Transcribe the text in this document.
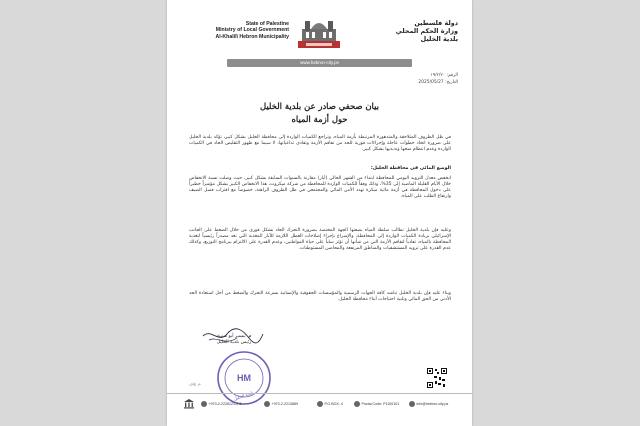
State of Palestine
Ministry of Local Government
Al-Khalil\ Hebron Municipality
دولة فلسطين
وزارة الحكم المحلي
بلدية الخليل
www.hebron-city.ps
الرقم: ١٩/٢/٢٠
التاريخ: 2025/05/27
بيان صحفي صادر عن بلدية الخليل
حول أزمة المياه
في ظل الظروف المتلاحقة والمتدهورة المرتبطة بأزمة المياه، وتراجع الكميات الواردة إلى محافظة الخليل بشكل كبير، تؤكد بلدية الخليل على ضرورة اتخاذ خطوات عاجلة وإجراءات فورية للحد من تفاقم الأزمة وتفادي تداعياتها، لا سيما مع ظهور التقليص الحاد في الكميات الواردة وعدم انتظام ضخها وتذبذبها بشكل كبير.
الوضع المائي في محافظة الخليل:
انخفض معدل التزويد اليومي للمحافظة ابتداء من الشهر الحالي (أيار) مقارنة بالسنوات السابقة بشكل كبير، حيث وصلت نسبة الانخفاض خلال الأيام القليلة الماضية إلى 35%، وذلك وفقاً للكميات الواردة للمحافظة من شركة ميكروت، هذا الانخفاض الكبير يشكل مؤشراً خطيراً على دخول المحافظة في أزمة مائية مبكرة تهدد الأمن المائي والمجتمعي في ظل الظروف الراهنة، خصوصاً مع اقتراب فصل الصيف وارتفاع الطلب على المياه.
وعليه فإن بلدية الخليل تطالب سلطة المياه بصفتها الجهة المختصة بضرورة التحرك الجاد بشكل فوري من خلال الضغط على الجانب الإسرائيلي بزيادة الكميات الواردة إلى المحافظة، والإسراع بإجراء إصلاحات العطل اللازمة للآبار المغذية التي تعد مصدراً رئيسياً لتغذية المحافظة بالمياه، تفادياً لتفاقم الأزمة التي من شأنها أن تؤثر سلباً على حياة المواطنين، وعدم القدرة على الالتزام ببرنامج التوزيع، وكذلك عدم القدرة على تزويد المستشفيات والمناطق المرتفعة والمحاضن المستوطنات.
وبناء عليه فإن بلدية الخليل تناشد كافة الجهات الرسمية والمؤسسات الحقوقية والإنسانية بسرعة التحرك والضغط من أجل استعادة الحد الأدنى من الحق المائي وتلبية احتياجات أبناء محافظة الخليل.
م. تيسير أبو سنينة
رئيس بلدية الخليل
HM
بلدية الخليل
م. ع/ف
+970-2-2228121-2-3	+970-2-2213889	P.O.BOX: 4	Postal Code: P1100101	info@hebron-city.ps
